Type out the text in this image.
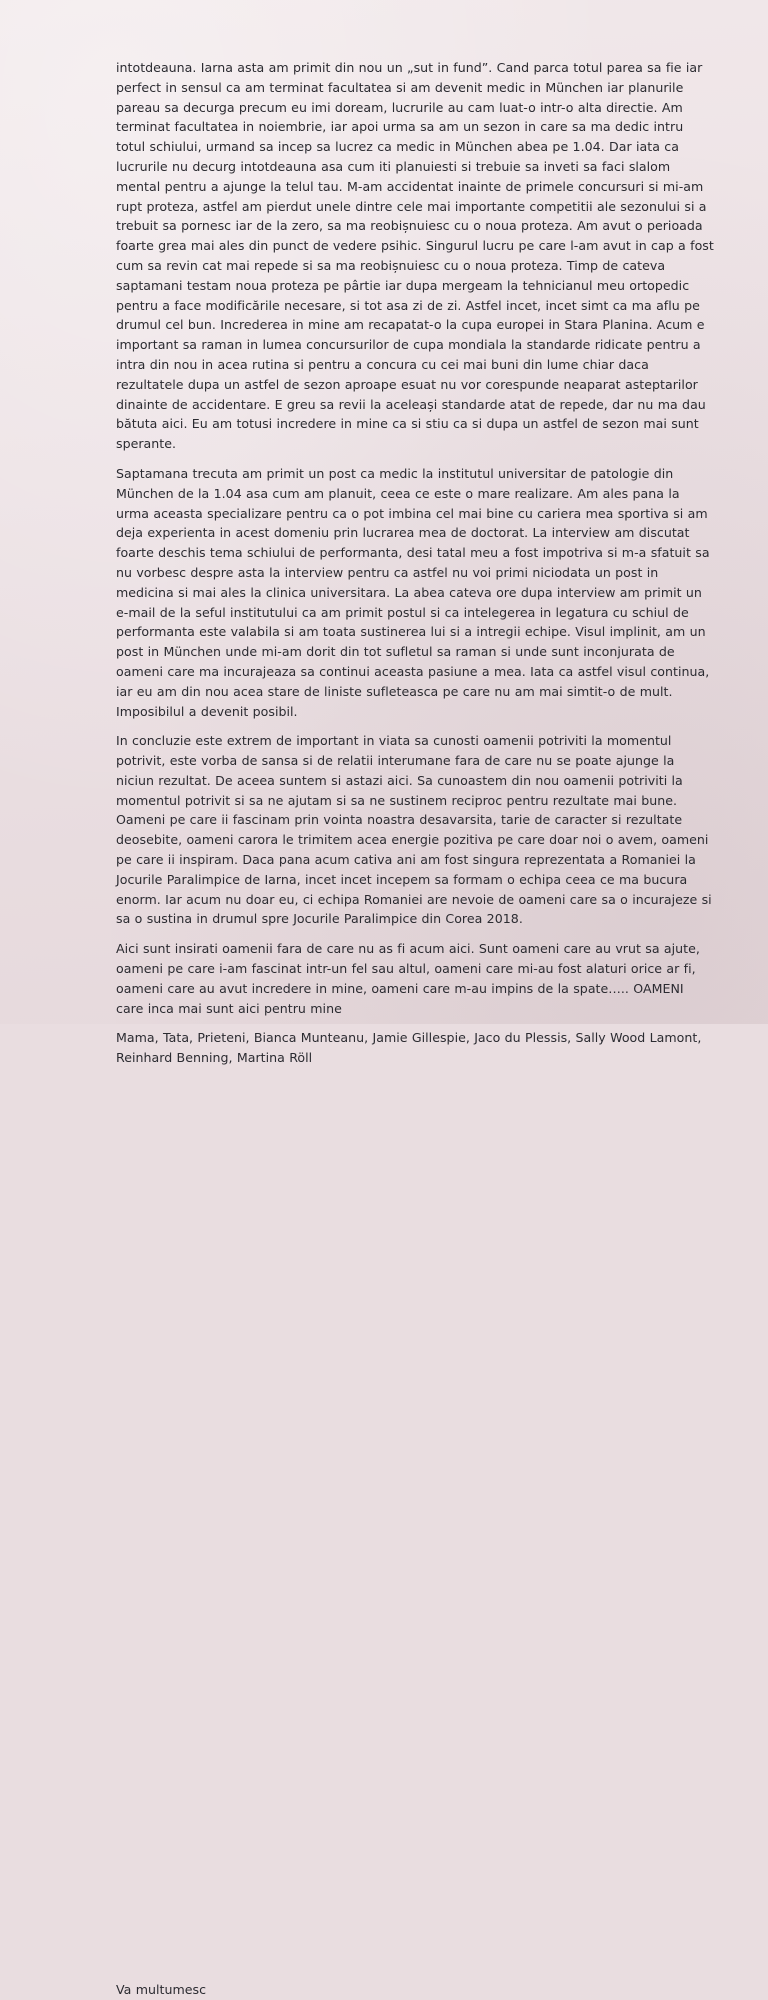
intotdeauna. Iarna asta am primit din nou un „sut in fund”. Cand parca totul parea sa fie iar perfect in sensul ca am terminat facultatea si am devenit medic in München iar planurile pareau sa decurga precum eu imi doream, lucrurile au cam luat-o intr-o alta directie. Am terminat facultatea in noiembrie, iar apoi urma sa am un sezon in care sa ma dedic intru totul schiului, urmand sa incep sa lucrez ca medic in München abea pe 1.04. Dar iata ca lucrurile nu decurg intotdeauna asa cum iti planuiesti si trebuie sa inveti sa faci slalom mental pentru a ajunge la telul tau. M-am accidentat inainte de primele concursuri si mi-am rupt proteza, astfel am pierdut unele dintre cele mai importante competitii ale sezonului si a trebuit sa pornesc iar de la zero, sa ma reobișnuiesc cu o noua proteza. Am avut o perioada foarte grea mai ales din punct de vedere psihic. Singurul lucru pe care l-am avut in cap a fost cum sa revin cat mai repede si sa ma reobișnuiesc cu o noua proteza. Timp de cateva saptamani testam noua proteza pe pârtie iar dupa mergeam la tehnicianul meu ortopedic pentru a face modificările necesare, si tot asa zi de zi. Astfel incet, incet simt ca ma aflu pe drumul cel bun. Increderea in mine am recapatat-o la cupa europei in Stara Planina. Acum e important sa raman in lumea concursurilor de cupa mondiala la standarde ridicate pentru a intra din nou in acea rutina si pentru a concura cu cei mai buni din lume chiar daca rezultatele dupa un astfel de sezon aproape esuat nu vor corespunde neaparat asteptarilor dinainte de accidentare. E greu sa revii la aceleași standarde atat de repede, dar nu ma dau bătuta aici. Eu am totusi incredere in mine ca si stiu ca si dupa un astfel de sezon mai sunt sperante.

Saptamana trecuta am primit un post ca medic la institutul universitar de patologie din München de la 1.04 asa cum am planuit, ceea ce este o mare realizare. Am ales pana la urma aceasta specializare pentru ca o pot imbina cel mai bine cu cariera mea sportiva si am deja experienta in acest domeniu prin lucrarea mea de doctorat. La interview am discutat foarte deschis tema schiului de performanta, desi tatal meu a fost impotriva si m-a sfatuit sa nu vorbesc despre asta la interview pentru ca astfel nu voi primi niciodata un post in medicina si mai ales la clinica universitara. La abea cateva ore dupa interview am primit un e-mail de la seful institutului ca am primit postul si ca intelegerea in legatura cu schiul de performanta este valabila si am toata sustinerea lui si a intregii echipe. Visul implinit, am un post in München unde mi-am dorit din tot sufletul sa raman si unde sunt inconjurata de oameni care ma incurajeaza sa continui aceasta pasiune a mea. Iata ca astfel visul continua, iar eu am din nou acea stare de liniste sufleteasca pe care nu am mai simtit-o de mult. Imposibilul a devenit posibil.

In concluzie este extrem de important in viata sa cunosti oamenii potriviti la momentul potrivit, este vorba de sansa si de relatii interumane fara de care nu se poate ajunge la niciun rezultat. De aceea suntem si astazi aici. Sa cunoastem din nou oamenii potriviti la momentul potrivit si sa ne ajutam si sa ne sustinem reciproc pentru rezultate mai bune. Oameni pe care ii fascinam prin vointa noastra desavarsita, tarie de caracter si rezultate deosebite, oameni carora le trimitem acea energie pozitiva pe care doar noi o avem, oameni pe care ii inspiram. Daca pana acum cativa ani am fost singura reprezentata a Romaniei la Jocurile Paralimpice de Iarna, incet incet incepem sa formam o echipa ceea ce ma bucura enorm. Iar acum nu doar eu, ci echipa Romaniei are nevoie de oameni care sa o incurajeze si sa o sustina in drumul spre Jocurile Paralimpice din Corea 2018.

Aici sunt insirati oamenii fara de care nu as fi acum aici. Sunt oameni care au vrut sa ajute, oameni pe care i-am fascinat intr-un fel sau altul, oameni care mi-au fost alaturi orice ar fi, oameni care au avut incredere in mine, oameni care m-au impins de la spate….. OAMENI care inca mai sunt aici pentru mine

Mama, Tata, Prieteni, Bianca Munteanu, Jamie Gillespie, Jaco du Plessis, Sally Wood Lamont, Reinhard Benning, Martina Röll

Va multumesc
